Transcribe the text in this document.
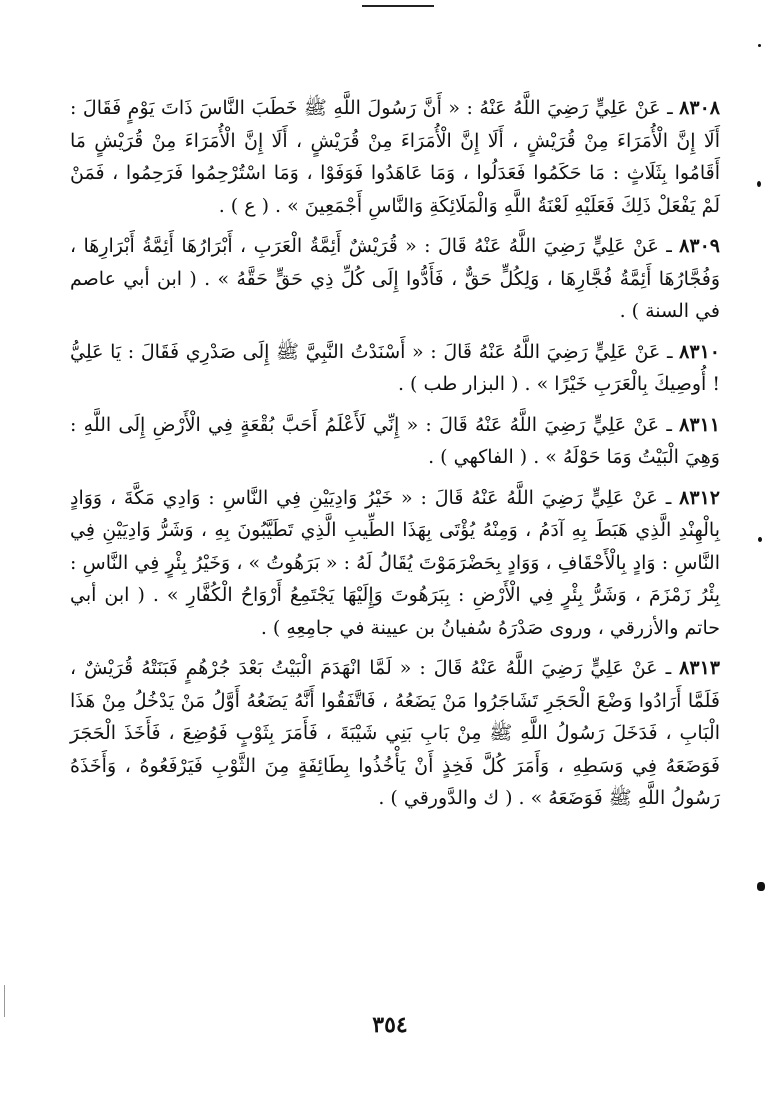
٨٣٠٨ ـ عَنْ عَلِيٍّ رَضِيَ اللَّهُ عَنْهُ : « أَنَّ رَسُولَ اللَّهِ ﷺ خَطَبَ النَّاسَ ذَاتَ يَوْمٍ فَقَالَ : أَلَا إِنَّ الْأُمَرَاءَ مِنْ قُرَيْشٍ ، أَلَا إِنَّ الْأُمَرَاءَ مِنْ قُرَيْشٍ ، أَلَا إِنَّ الْأُمَرَاءَ مِنْ قُرَيْشٍ مَا أَقَامُوا بِثَلَاثٍ : مَا حَكَمُوا فَعَدَلُوا ، وَمَا عَاهَدُوا فَوَفَوْا ، وَمَا اسْتُرْحِمُوا فَرَحِمُوا ، فَمَنْ لَمْ يَفْعَلْ ذَلِكَ فَعَلَيْهِ لَعْنَةُ اللَّهِ وَالْمَلَائِكَةِ وَالنَّاسِ أَجْمَعِينَ » . ( ع ) .

٨٣٠٩ ـ عَنْ عَلِيٍّ رَضِيَ اللَّهُ عَنْهُ قَالَ : « قُرَيْشٌ أَئِمَّةُ الْعَرَبِ ، أَبْرَارُهَا أَئِمَّةُ أَبْرَارِهَا ، وَفُجَّارُهَا أَئِمَّةُ فُجَّارِهَا ، وَلِكُلٍّ حَقٌّ ، فَأَدُّوا إِلَى كُلِّ ذِي حَقٍّ حَقَّهُ » . ( ابن أبي عاصم في السنة ) .

٨٣١٠ ـ عَنْ عَلِيٍّ رَضِيَ اللَّهُ عَنْهُ قَالَ : « أَسْنَدْتُ النَّبِيَّ ﷺ إِلَى صَدْرِي فَقَالَ : يَا عَلِيُّ ! أُوصِيكَ بِالْعَرَبِ خَيْرًا » . ( البزار طب ) .

٨٣١١ ـ عَنْ عَلِيٍّ رَضِيَ اللَّهُ عَنْهُ قَالَ : « إِنِّي لَأَعْلَمُ أَحَبَّ بُقْعَةٍ فِي الْأَرْضِ إِلَى اللَّهِ : وَهِيَ الْبَيْتُ وَمَا حَوْلَهُ » . ( الفاكهي ) .

٨٣١٢ ـ عَنْ عَلِيٍّ رَضِيَ اللَّهُ عَنْهُ قَالَ : « خَيْرُ وَادِيَيْنِ فِي النَّاسِ : وَادِي مَكَّةَ ، وَوَادٍ بِالْهِنْدِ الَّذِي هَبَطَ بِهِ آدَمُ ، وَمِنْهُ يُؤْتَى بِهَذَا الطِّيبِ الَّذِي تَطَيَّبُونَ بِهِ ، وَشَرُّ وَادِيَيْنِ فِي النَّاسِ : وَادٍ بِالْأَحْقَافِ ، وَوَادٍ بِحَضْرَمَوْتَ يُقَالُ لَهُ : « بَرَهُوتُ » ، وَخَيْرُ بِئْرٍ فِي النَّاسِ : بِئْرُ زَمْزَمَ ، وَشَرُّ بِئْرٍ فِي الْأَرْضِ : بِبَرَهُوتَ وَإِلَيْهَا يَجْتَمِعُ أَرْوَاحُ الْكُفَّارِ » . ( ابن أبي حاتم والأزرقي ، وروى صَدْرَهُ سُفيانُ بن عيينة في جامِعِهِ ) .

٨٣١٣ ـ عَنْ عَلِيٍّ رَضِيَ اللَّهُ عَنْهُ قَالَ : « لَمَّا انْهَدَمَ الْبَيْتُ بَعْدَ جُرْهُمٍ فَبَنَتْهُ قُرَيْشٌ ، فَلَمَّا أَرَادُوا وَضْعَ الْحَجَرِ تَشَاجَرُوا مَنْ يَضَعُهُ ، فَاتَّفَقُوا أَنَّهُ يَضَعُهُ أَوَّلُ مَنْ يَدْخُلُ مِنْ هَذَا الْبَابِ ، فَدَخَلَ رَسُولُ اللَّهِ ﷺ مِنْ بَابِ بَنِي شَيْبَةَ ، فَأَمَرَ بِثَوْبٍ فَوُضِعَ ، فَأَخَذَ الْحَجَرَ فَوَضَعَهُ فِي وَسَطِهِ ، وَأَمَرَ كُلَّ فَخِذٍ أَنْ يَأْخُذُوا بِطَائِفَةٍ مِنَ الثَّوْبِ فَيَرْفَعُوهُ ، وَأَخَذَهُ رَسُولُ اللَّهِ ﷺ فَوَضَعَهُ » . ( ك والدَّورقي ) .

٣٥٤
